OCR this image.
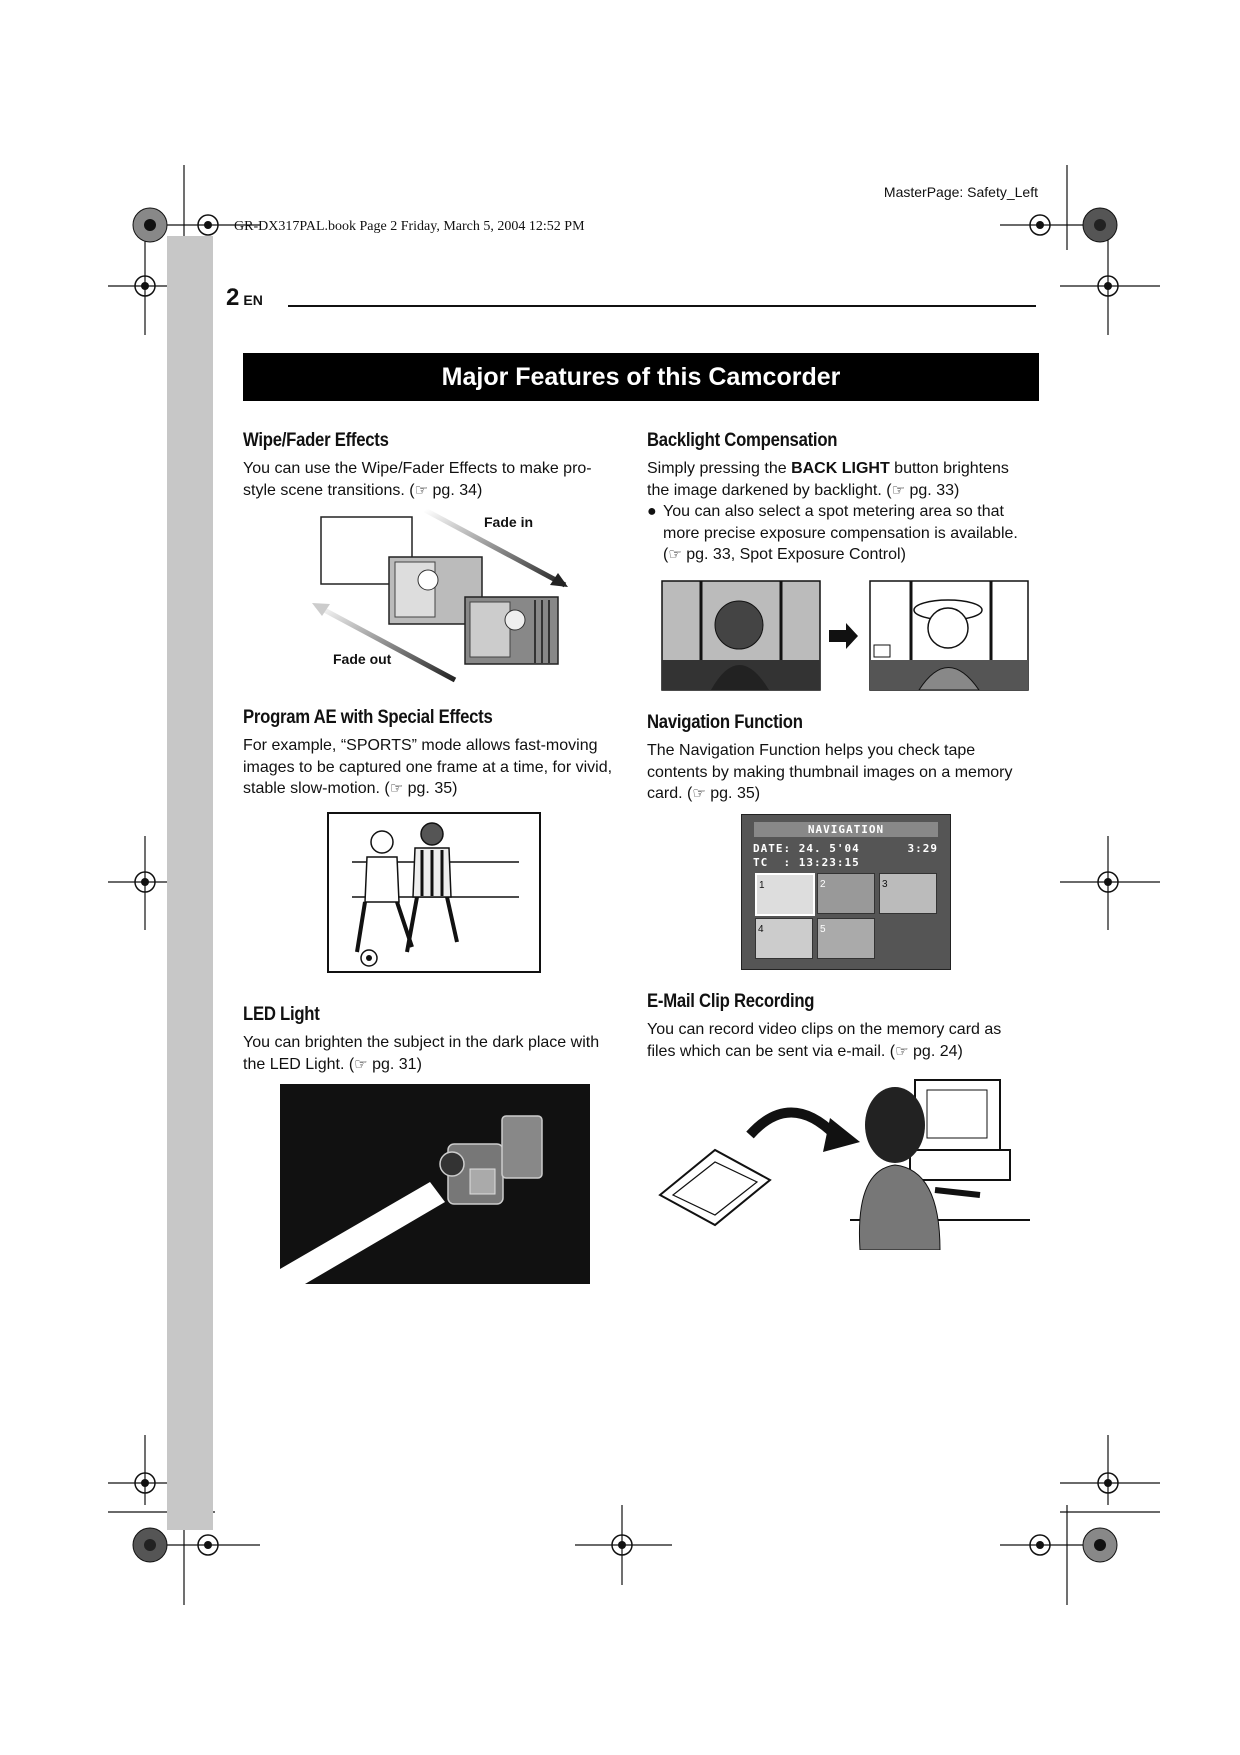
MasterPage: Safety_Left
GR-DX317PAL.book Page 2 Friday, March 5, 2004 12:52 PM
2 EN
Major Features of this Camcorder
Wipe/Fader Effects

You can use the Wipe/Fader Effects to make pro-
style scene transitions. (☞ pg. 34)

Fade in
Fade out
Program AE with Special Effects

For example, “SPORTS” mode allows fast-moving
images to be captured one frame at a time, for vivid,
stable slow-motion. (☞ pg. 35)

LED Light

You can brighten the subject in the dark place with
the LED Light. (☞ pg. 31)

Backlight Compensation

Simply pressing the BACK LIGHT button brightens
the image darkened by backlight. (☞ pg. 33)

● You can also select a spot metering area so that
more precise exposure compensation is available.
(☞ pg. 33, Spot Exposure Control)
Navigation Function

The Navigation Function helps you check tape
contents by making thumbnail images on a memory
card. (☞ pg. 35)

NAVIGATION
DATE: 24. 5'04	3:29
TC  : 13:23:15
1	2	3
4	5
E-Mail Clip Recording

You can record video clips on the memory card as
files which can be sent via e-mail. (☞ pg. 24)
